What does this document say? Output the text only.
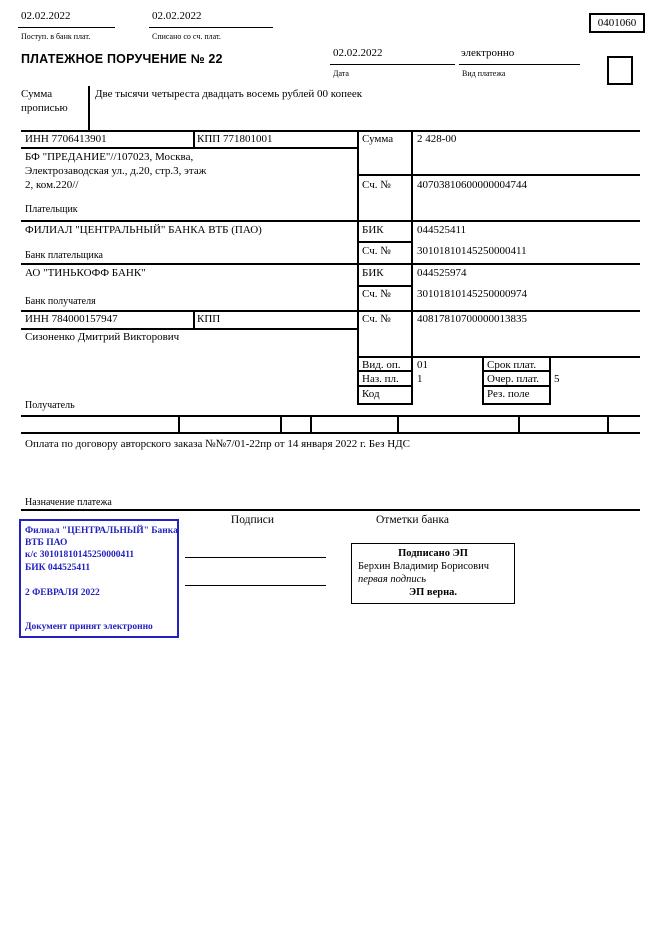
02.02.2022
Поступ. в банк плат.
02.02.2022
Списано со сч. плат.
0401060
ПЛАТЕЖНОЕ ПОРУЧЕНИЕ № 22	02.02.2022
Дата
электронно
Вид платежа
Сумма прописью
Две тысячи четыреста двадцать восемь рублей 00 копеек
ИНН 7706413901	КПП 771801001	Сумма 2 428-00
БФ "ПРЕДАНИЕ"//107023, Москва,
Электрозаводская ул., д.20, стр.3, этаж
2, ком.220//	Сч. № 40703810600000004744
Плательщик
ФИЛИАЛ "ЦЕНТРАЛЬНЫЙ" БАНКА ВТБ (ПАО)	БИК	044525411
Сч. № 30101810145250000411
Банк плательщика
АО "ТИНЬКОФФ БАНК"	БИК	044525974
Сч. № 30101810145250000974
Банк получателя
ИНН 784000157947	КПП	Сч. № 40817810700000013835
Сизоненко Дмитрий Викторович
Получатель
Вид. оп. 01	Срок плат.
Наз. пл. 1	Очер. плат. 5
Код	Рез. поле
Оплата по договору авторского заказа №№7/01-22пр от 14 января 2022 г. Без НДС
Назначение платежа
Подписи	Отметки банка
Филиал "ЦЕНТРАЛЬНЫЙ" Банка
ВТБ ПАО
к/с 30101810145250000411
БИК 044525411
2 ФЕВРАЛЯ 2022
Документ принят электронно
Подписано ЭП
Берхин Владимир Борисович
первая подпись
ЭП верна.
